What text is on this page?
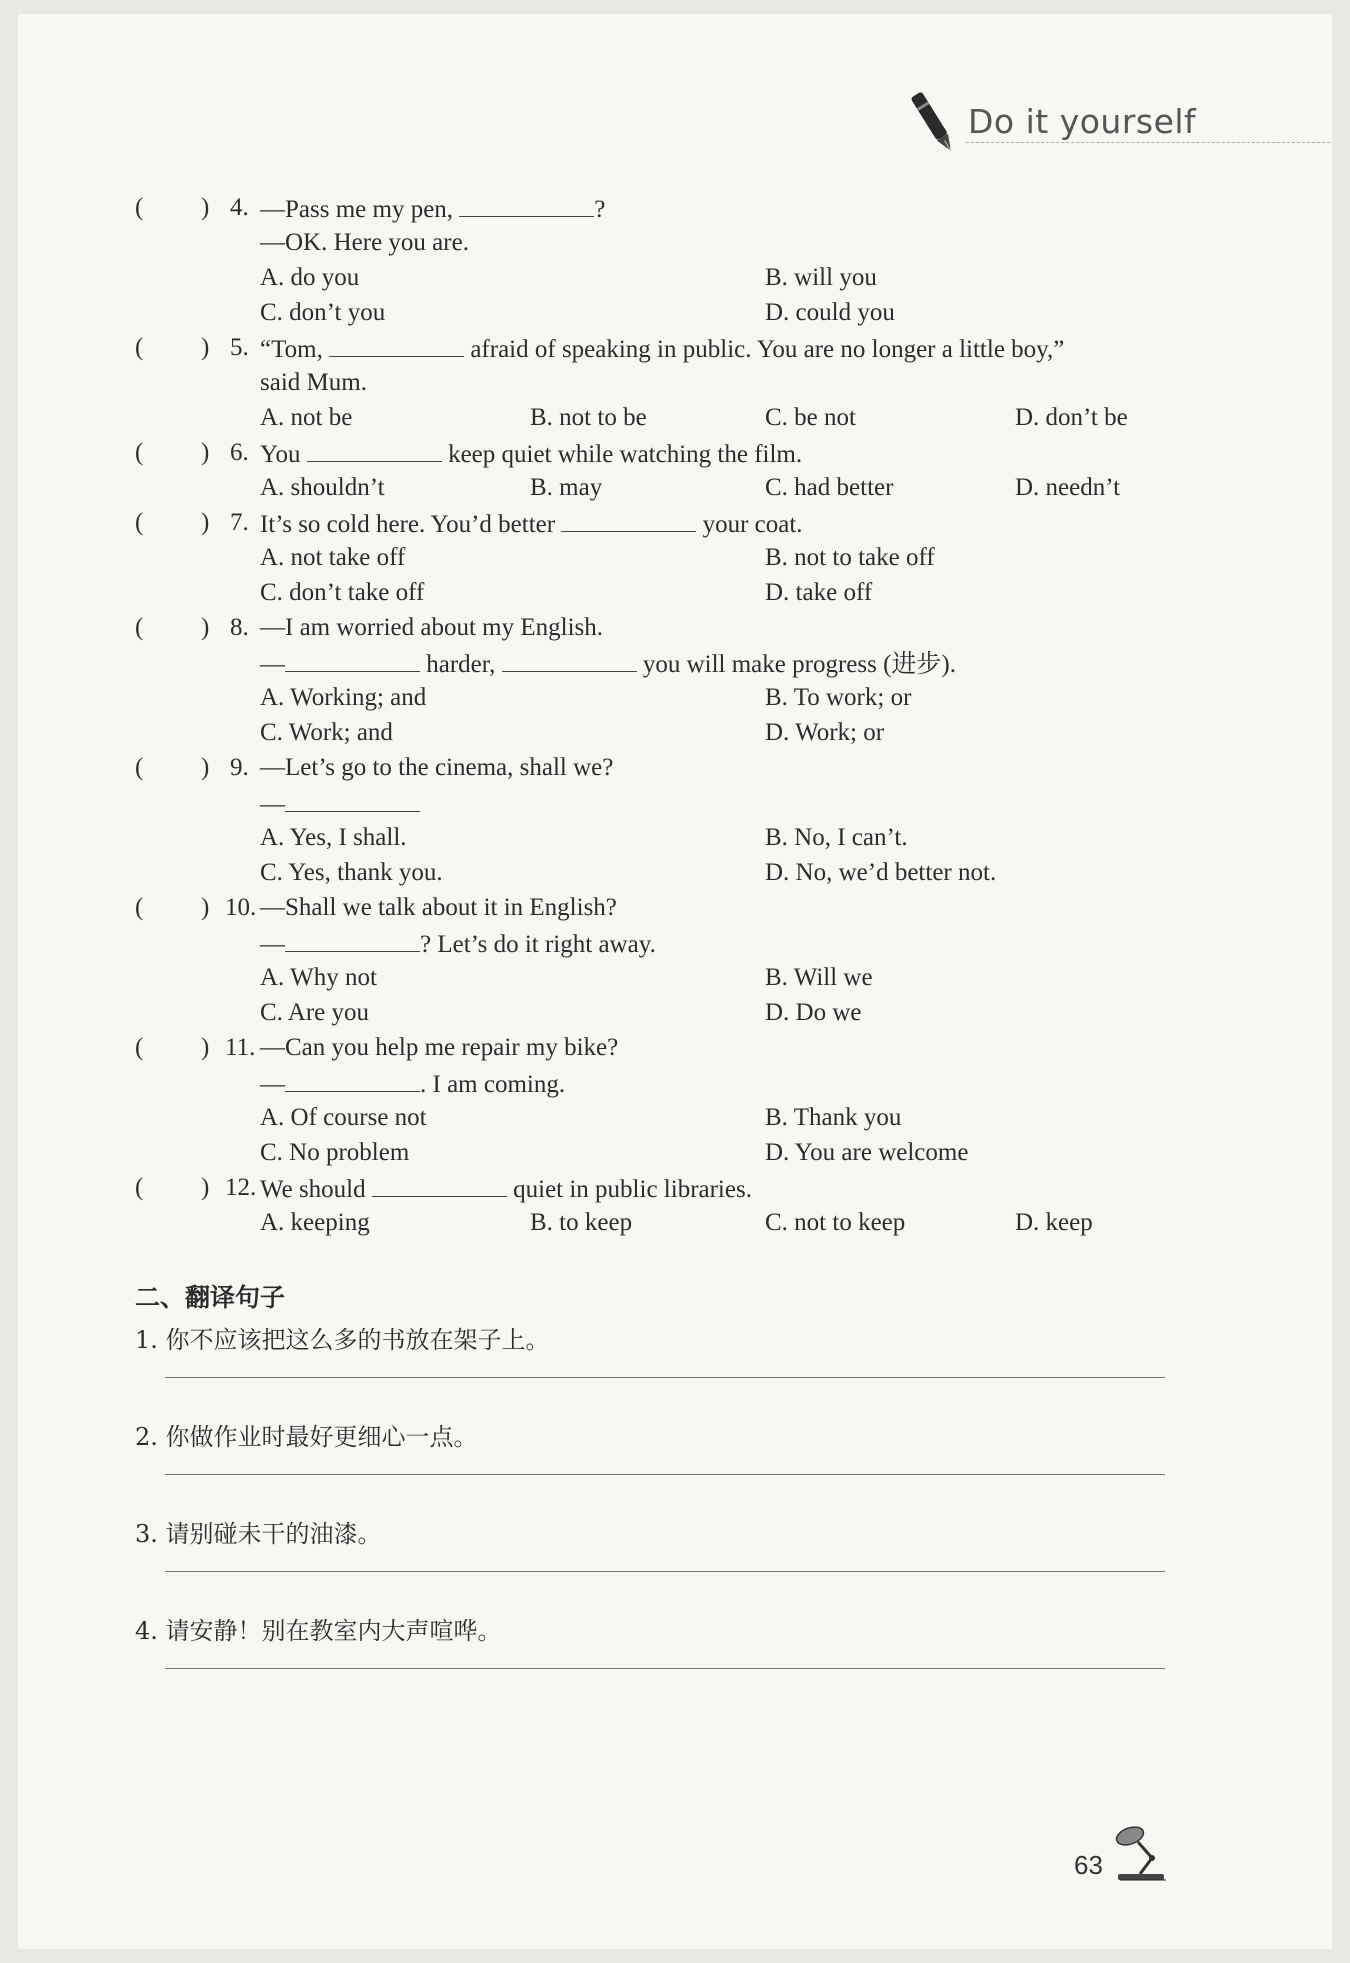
Do it yourself
( ) 4. —Pass me my pen,	?
—OK. Here you are.
A. do you	B. will you
C. don’t you	D. could you
( ) 5. “Tom,	afraid of speaking in public. You are no longer a little boy,”
said Mum.
A. not be	B. not to be	C. be not	D. don’t be
( ) 6. You	keep quiet while watching the film.
A. shouldn’t	B. may	C. had better	D. needn’t
( ) 7. It’s so cold here. You’d better	your coat.
A. not take off	B. not to take off
C. don’t take off	D. take off
( ) 8. —I am worried about my English.
—	harder,	you will make progress (进步).
A. Working; and	B. To work; or
C. Work; and	D. Work; or
( ) 9. —Let’s go to the cinema, shall we?
—
A. Yes, I shall.	B. No, I can’t.
C. Yes, thank you.	D. No, we’d better not.
( ) 10. —Shall we talk about it in English?
—	? Let’s do it right away.
A. Why not	B. Will we
C. Are you	D. Do we
( ) 11. —Can you help me repair my bike?
—	. I am coming.
A. Of course not	B. Thank you
C. No problem	D. You are welcome
( ) 12. We should	quiet in public libraries.
A. keeping	B. to keep	C. not to keep	D. keep
二、翻译句子
1. 你不应该把这么多的书放在架子上。
2. 你做作业时最好更细心一点。
3. 请别碰未干的油漆。
4. 请安静！别在教室内大声喧哗。
63
